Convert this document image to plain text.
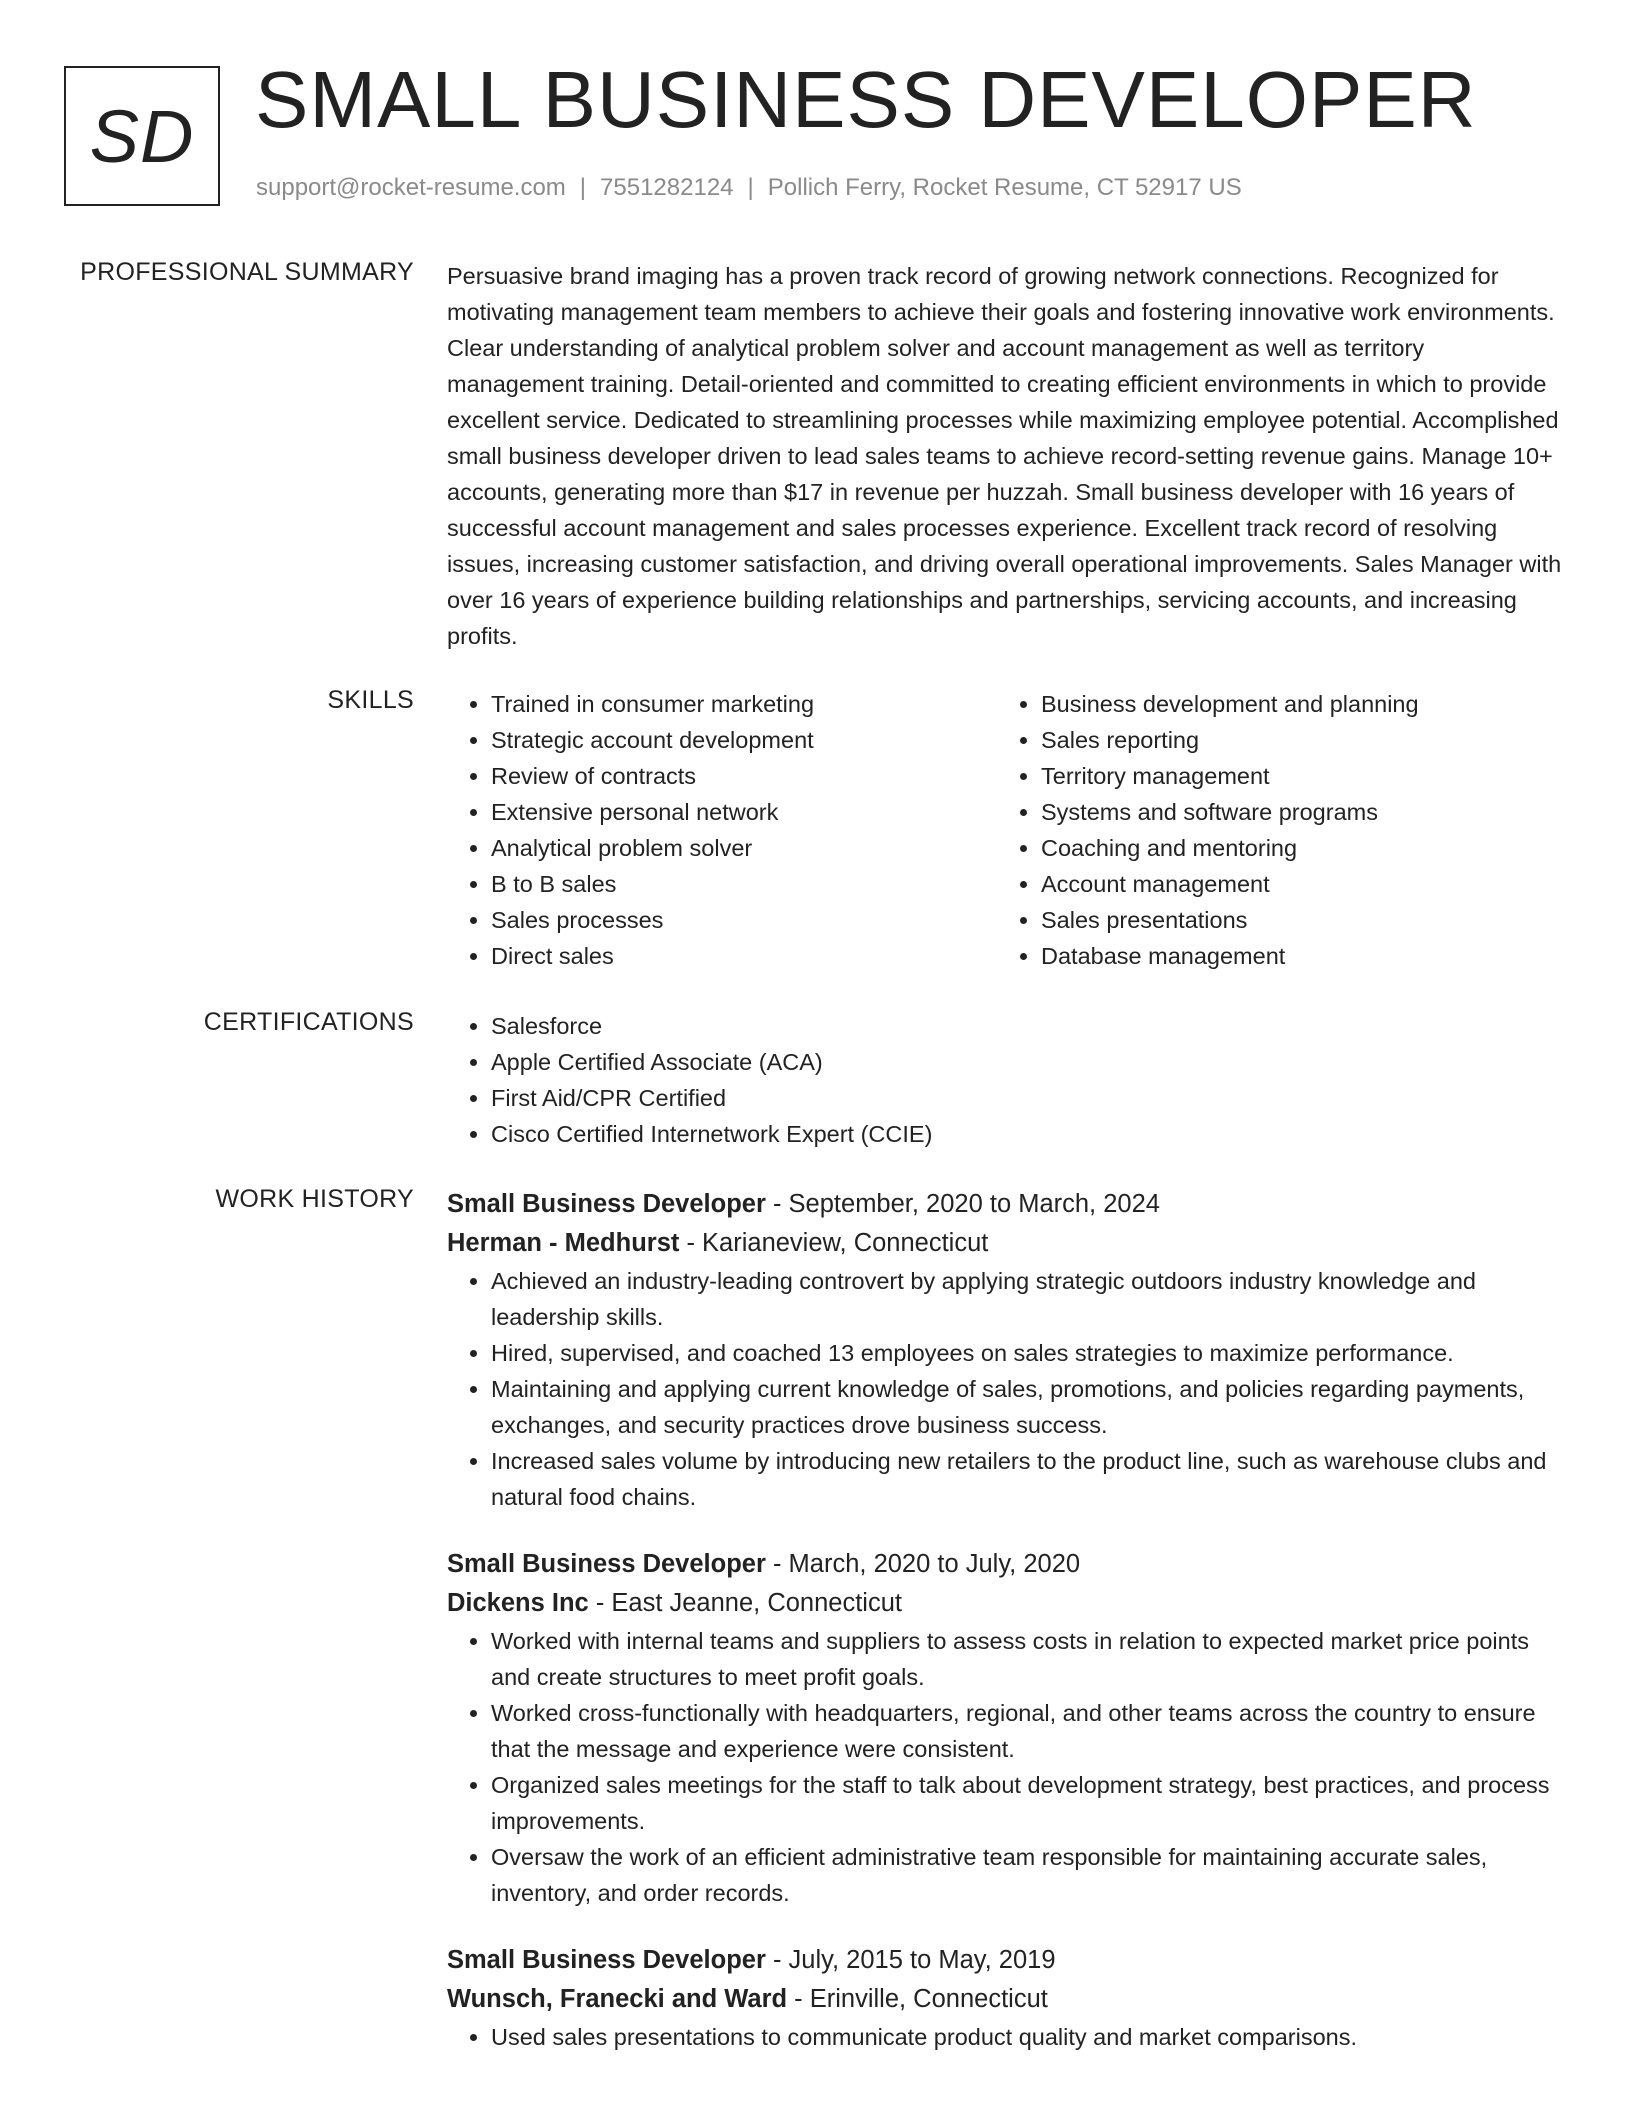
SD SMALL BUSINESS DEVELOPER
support@rocket-resume.com | 7551282124 | Pollich Ferry, Rocket Resume, CT 52917 US
PROFESSIONAL SUMMARY Persuasive brand imaging has a proven track record of growing network connections. Recognized for motivating management team members to achieve their goals and fostering innovative work environments. Clear understanding of analytical problem solver and account management as well as territory management training. Detail-oriented and committed to creating efficient environments in which to provide excellent service. Dedicated to streamlining processes while maximizing employee potential. Accomplished small business developer driven to lead sales teams to achieve record-setting revenue gains. Manage 10+ accounts, generating more than $17 in revenue per huzzah. Small business developer with 16 years of successful account management and sales processes experience. Excellent track record of resolving issues, increasing customer satisfaction, and driving overall operational improvements. Sales Manager with over 16 years of experience building relationships and partnerships, servicing accounts, and increasing profits.

SKILLS	• Trained in consumer marketing
• Strategic account development
• Review of contracts
• Extensive personal network
• Analytical problem solver
• B to B sales
• Sales processes
• Direct sales
• Business development and planning
• Sales reporting
• Territory management
• Systems and software programs
• Coaching and mentoring
• Account management
• Sales presentations
• Database management
CERTIFICATIONS	• Salesforce
• Apple Certified Associate (ACA)
• First Aid/CPR Certified
• Cisco Certified Internetwork Expert (CCIE)
WORK HISTORY Small Business Developer - September, 2020 to March, 2024
Herman - Medhurst - Karianeview, Connecticut
• Achieved an industry-leading controvert by applying strategic outdoors industry knowledge and leadership skills.
• Hired, supervised, and coached 13 employees on sales strategies to maximize performance.
• Maintaining and applying current knowledge of sales, promotions, and policies regarding payments, exchanges, and security practices drove business success.
• Increased sales volume by introducing new retailers to the product line, such as warehouse clubs and natural food chains.
Small Business Developer - March, 2020 to July, 2020
Dickens Inc - East Jeanne, Connecticut
• Worked with internal teams and suppliers to assess costs in relation to expected market price points and create structures to meet profit goals.
• Worked cross-functionally with headquarters, regional, and other teams across the country to ensure that the message and experience were consistent.
• Organized sales meetings for the staff to talk about development strategy, best practices, and process improvements.
• Oversaw the work of an efficient administrative team responsible for maintaining accurate sales, inventory, and order records.
Small Business Developer - July, 2015 to May, 2019
Wunsch, Franecki and Ward - Erinville, Connecticut
• Used sales presentations to communicate product quality and market comparisons.
